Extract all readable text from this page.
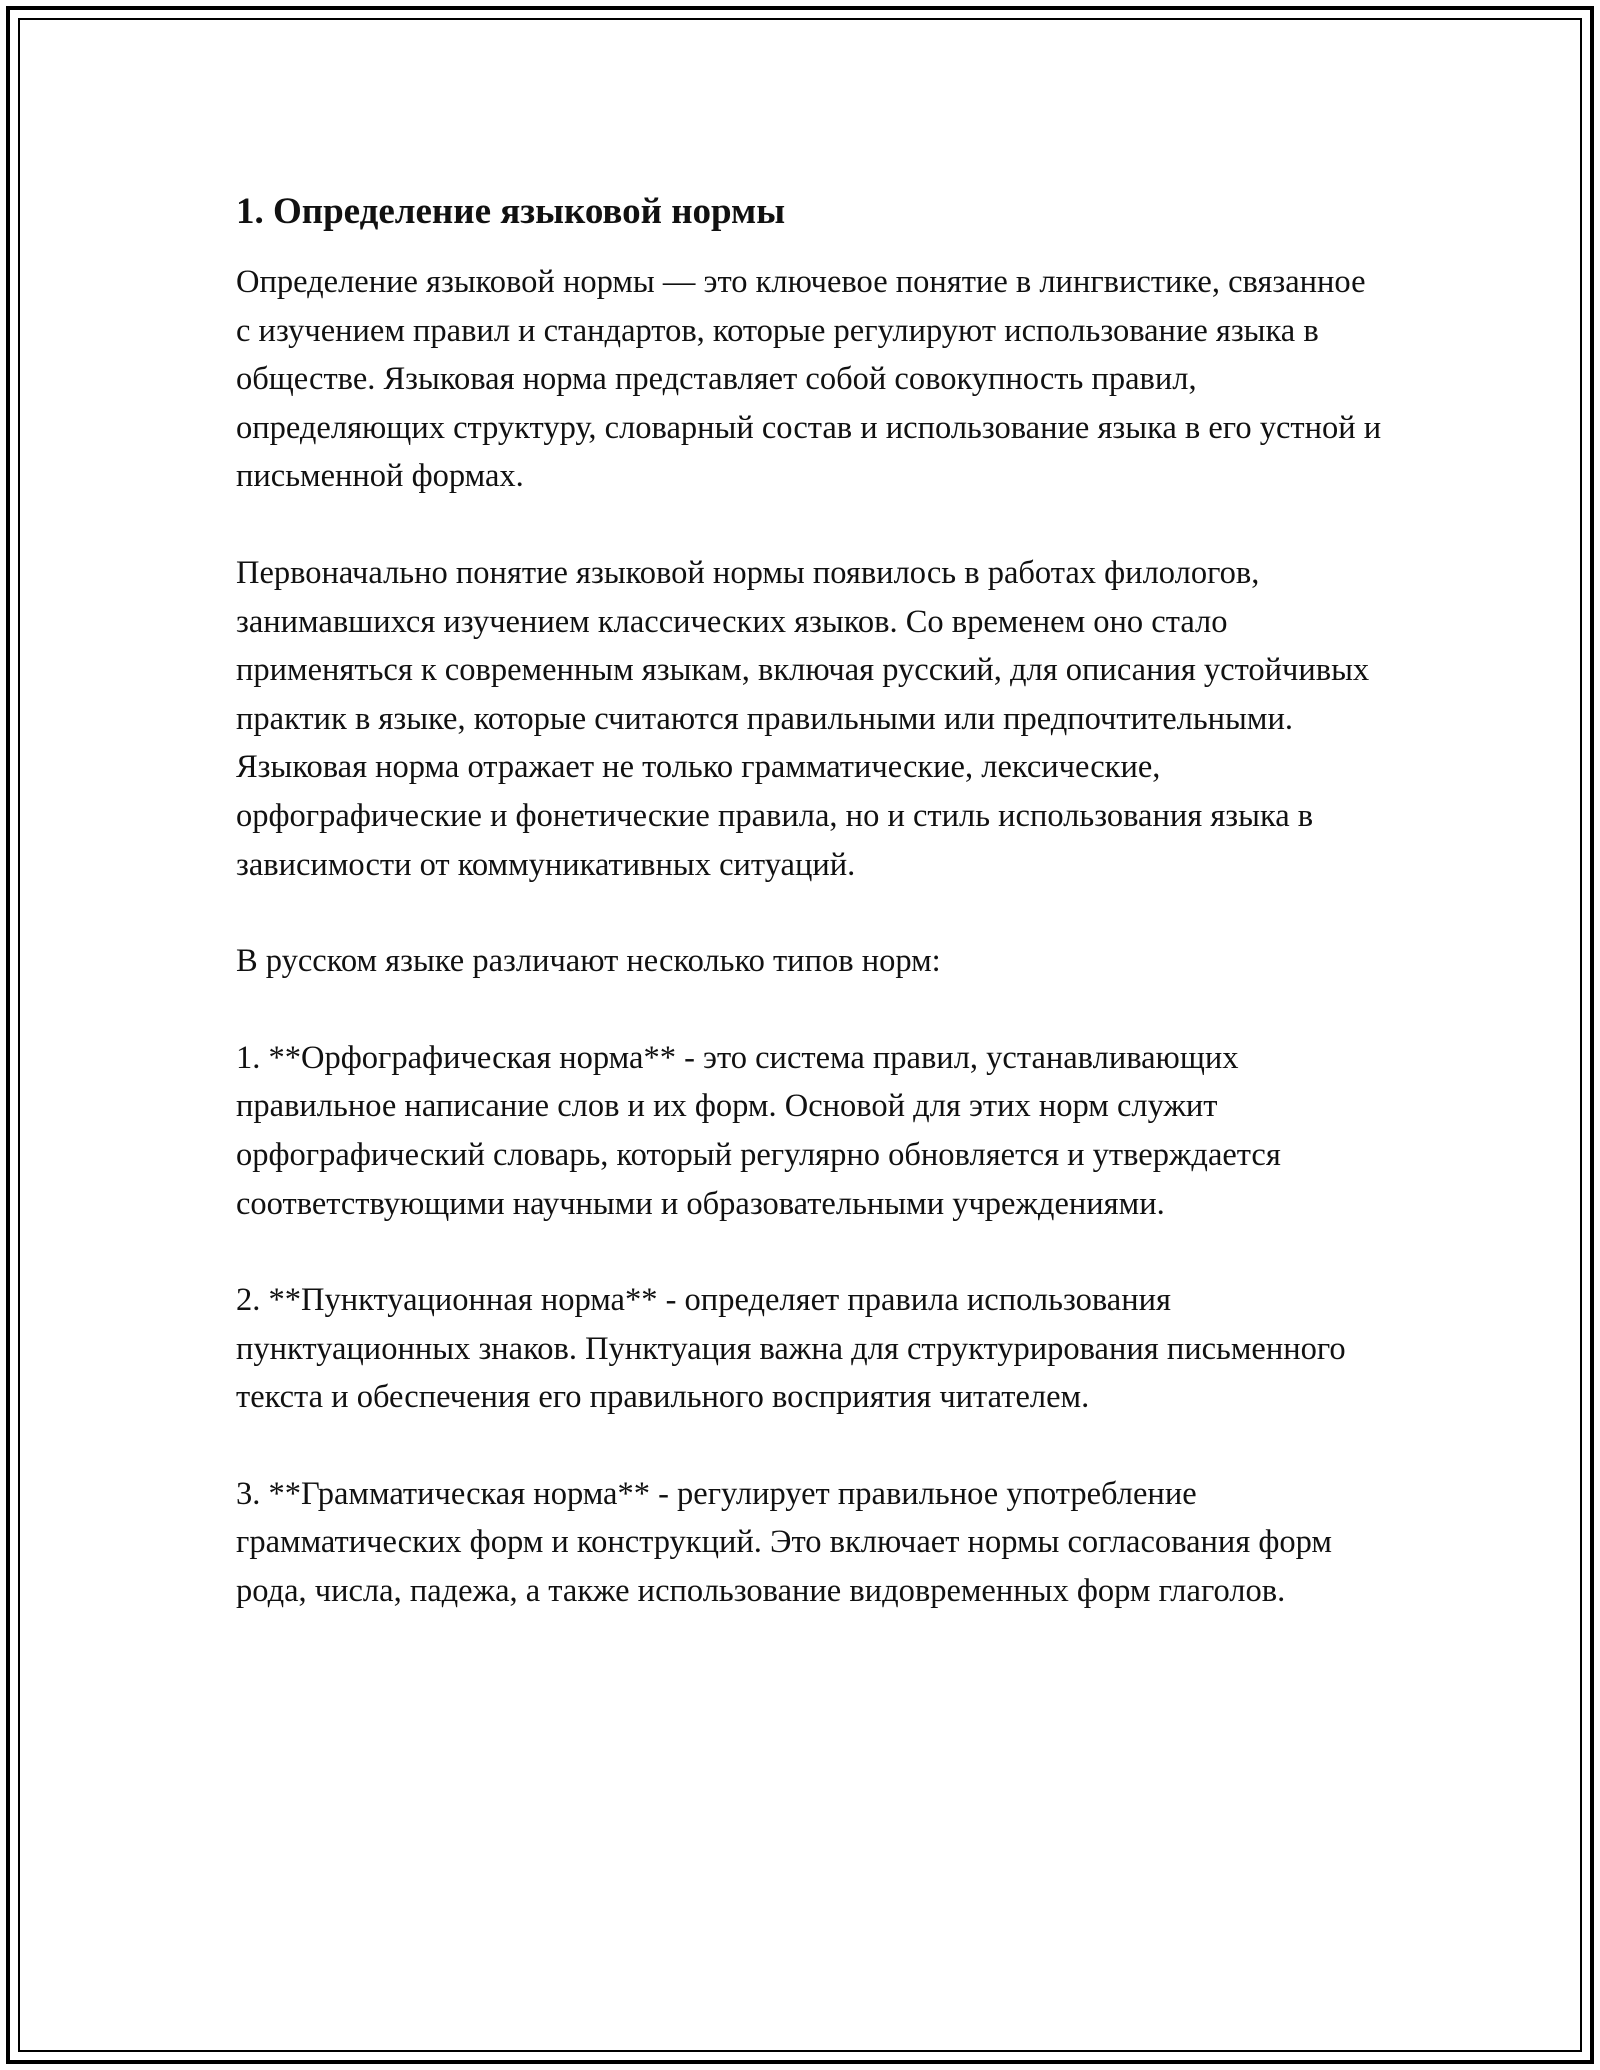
1. Определение языковой нормы

Определение языковой нормы — это ключевое понятие в лингвистике, связанное с изучением правил и стандартов, которые регулируют использование языка в обществе. Языковая норма представляет собой совокупность правил, определяющих структуру, словарный состав и использование языка в его устной и письменной формах.

Первоначально понятие языковой нормы появилось в работах филологов, занимавшихся изучением классических языков. Со временем оно стало применяться к современным языкам, включая русский, для описания устойчивых практик в языке, которые считаются правильными или предпочтительными. Языковая норма отражает не только грамматические, лексические, орфографические и фонетические правила, но и стиль использования языка в зависимости от коммуникативных ситуаций.

В русском языке различают несколько типов норм:

1. **Орфографическая норма** - это система правил, устанавливающих правильное написание слов и их форм. Основой для этих норм служит орфографический словарь, который регулярно обновляется и утверждается соответствующими научными и образовательными учреждениями.

2. **Пунктуационная норма** - определяет правила использования пунктуационных знаков. Пунктуация важна для структурирования письменного текста и обеспечения его правильного восприятия читателем.

3. **Грамматическая норма** - регулирует правильное употребление грамматических форм и конструкций. Это включает нормы согласования форм рода, числа, падежа, а также использование видовременных форм глаголов.
